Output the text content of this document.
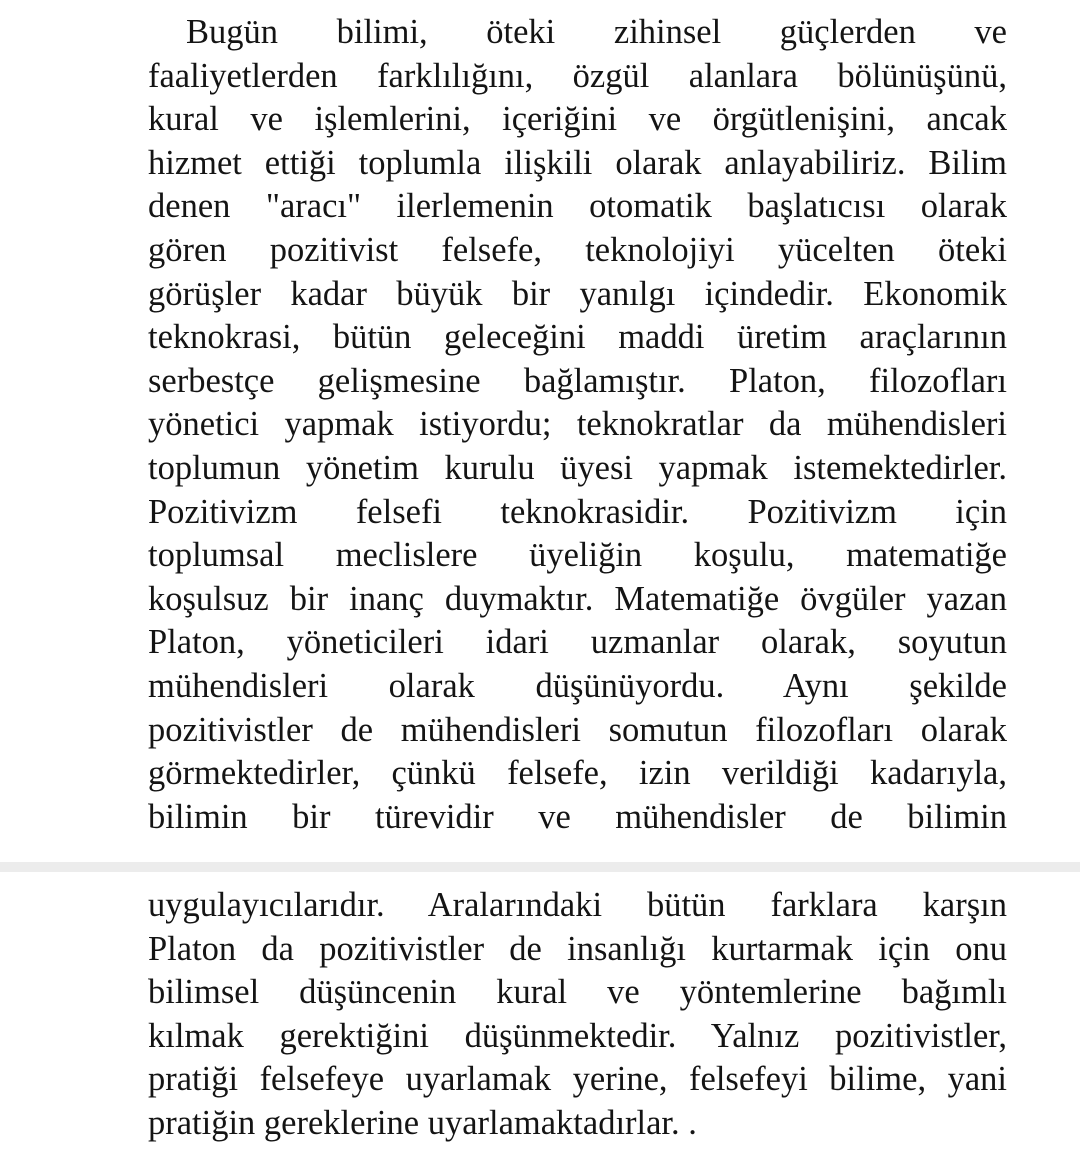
Bugün bilimi, öteki zihinsel güçlerden ve
faaliyetlerden farklılığını, özgül alanlara bölünüşünü,
kural ve işlemlerini, içeriğini ve örgütlenişini, ancak
hizmet ettiği toplumla ilişkili olarak anlayabiliriz. Bilim
denen "aracı" ilerlemenin otomatik başlatıcısı olarak
gören pozitivist felsefe, teknolojiyi yücelten öteki
görüşler kadar büyük bir yanılgı içindedir. Ekonomik
teknokrasi, bütün geleceğini maddi üretim araçlarının
serbestçe gelişmesine bağlamıştır. Platon, filozofları
yönetici yapmak istiyordu; teknokratlar da mühendisleri
toplumun yönetim kurulu üyesi yapmak istemektedirler.
Pozitivizm felsefi teknokrasidir. Pozitivizm için
toplumsal meclislere üyeliğin koşulu, matematiğe
koşulsuz bir inanç duymaktır. Matematiğe övgüler yazan
Platon, yöneticileri idari uzmanlar olarak, soyutun
mühendisleri olarak düşünüyordu. Aynı şekilde
pozitivistler de mühendisleri somutun filozofları olarak
görmektedirler, çünkü felsefe, izin verildiği kadarıyla,
bilimin bir türevidir ve mühendisler de bilimin
uygulayıcılarıdır. Aralarındaki bütün farklara karşın
Platon da pozitivistler de insanlığı kurtarmak için onu
bilimsel düşüncenin kural ve yöntemlerine bağımlı
kılmak gerektiğini düşünmektedir. Yalnız pozitivistler,
pratiği felsefeye uyarlamak yerine, felsefeyi bilime, yani
pratiğin gereklerine uyarlamaktadırlar. .
